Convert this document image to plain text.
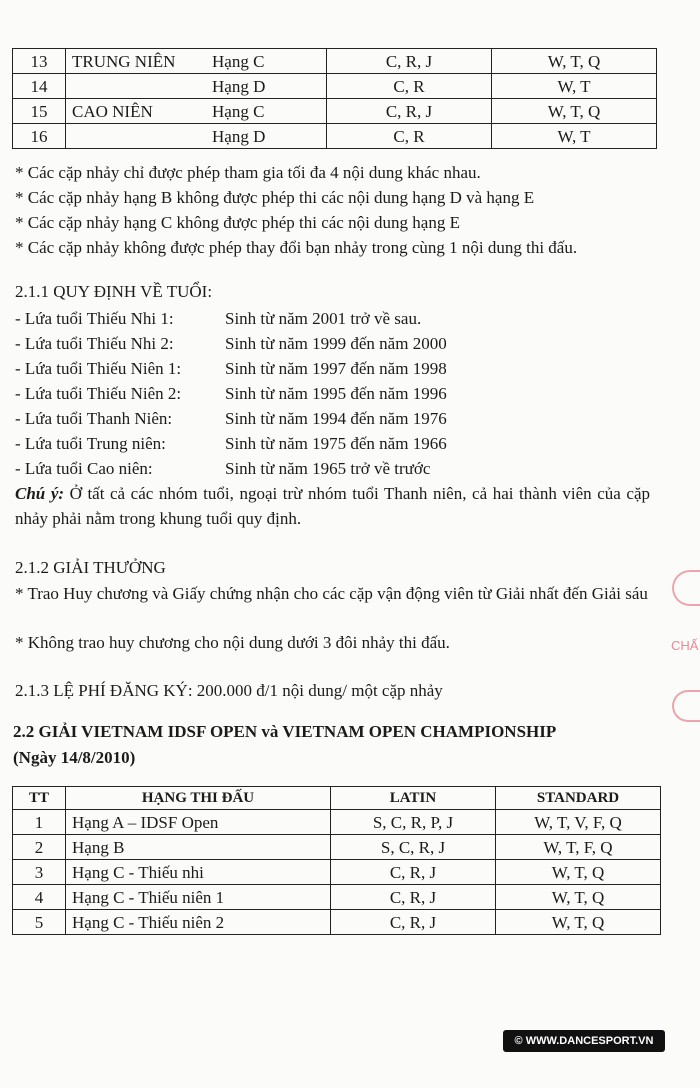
13	TRUNG NIÊN	Hạng C	C, R, J	W, T, Q
14		Hạng D	C, R	W, T
15	CAO NIÊN	Hạng C	C, R, J	W, T, Q
16		Hạng D	C, R	W, T
* Các cặp nhảy chỉ được phép tham gia tối đa 4 nội dung khác nhau.
* Các cặp nhảy hạng B không được phép thi các nội dung hạng D và hạng E
* Các cặp nhảy hạng C không được phép thi các nội dung hạng E
* Các cặp nhảy không được phép thay đổi bạn nhảy trong cùng 1 nội dung thi đấu.
2.1.1 QUY ĐỊNH VỀ TUỔI:
- Lứa tuổi Thiếu Nhi 1:	Sinh từ năm 2001 trở về sau.
- Lứa tuổi Thiếu Nhi 2:	Sinh từ năm 1999 đến năm 2000
- Lứa tuổi Thiếu Niên 1:	Sinh từ năm 1997 đến năm 1998
- Lứa tuổi Thiếu Niên 2:	Sinh từ năm 1995 đến năm 1996
- Lứa tuổi Thanh Niên:	Sinh từ năm 1994 đến năm 1976
- Lứa tuổi Trung niên:	Sinh từ năm 1975 đến năm 1966
- Lứa tuổi Cao niên:	Sinh từ năm 1965 trở về trước
Chú ý: Ở tất cả các nhóm tuổi, ngoại trừ nhóm tuổi Thanh niên, cả hai thành viên của cặp nhảy phải nằm trong khung tuổi quy định.
2.1.2 GIẢI THƯỞNG
* Trao Huy chương và Giấy chứng nhận cho các cặp vận động viên từ Giải nhất đến Giải sáu
* Không trao huy chương cho nội dung dưới 3 đôi nhảy thi đấu.
2.1.3 LỆ PHÍ ĐĂNG KÝ: 200.000 đ/1 nội dung/ một cặp nhảy
2.2 GIẢI VIETNAM IDSF OPEN và VIETNAM OPEN CHAMPIONSHIP
(Ngày 14/8/2010)
TT	HẠNG THI ĐẤU	LATIN	STANDARD
1	Hạng A – IDSF Open	S, C, R, P, J	W, T, V, F, Q
2	Hạng B	S, C, R, J	W, T, F, Q
3	Hạng C - Thiếu nhi	C, R, J	W, T, Q
4	Hạng C - Thiếu niên 1	C, R, J	W, T, Q
5	Hạng C - Thiếu niên 2	C, R, J	W, T, Q
CHẤ
© WWW.DANCESPORT.VN
